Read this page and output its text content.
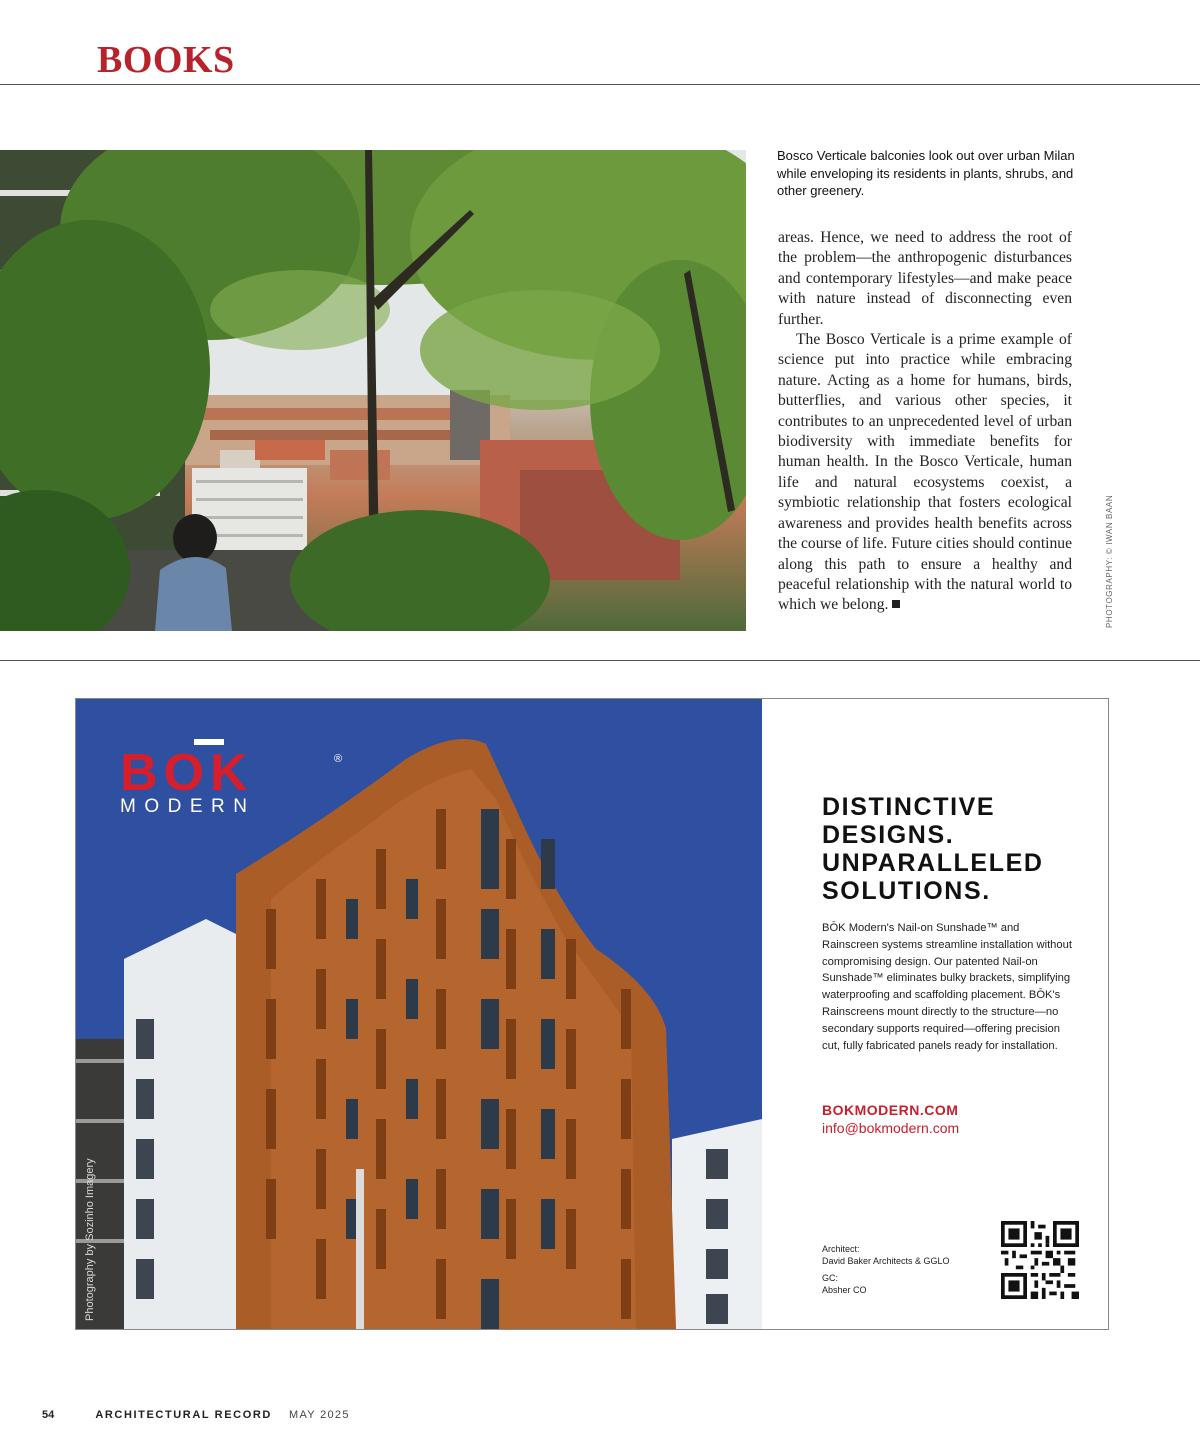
BOOKS
Bosco Verticale balconies look out over urban Milan while enveloping its residents in plants, shrubs, and other greenery.

areas. Hence, we need to address the root of the problem—the anthropogenic disturbances and contemporary lifestyles—and make peace with nature instead of disconnecting even further.

The Bosco Verticale is a prime example of science put into practice while embracing nature. Acting as a home for humans, birds, butterflies, and various other species, it contributes to an unprecedented level of urban biodiversity with immediate benefits for human health. In the Bosco Verticale, human life and natural ecosystems coexist, a symbiotic relationship that fosters ecological awareness and provides health benefits across the course of life. Future cities should continue along this path to ensure a healthy and peaceful relationship with the natural world to which we belong.	PHOTOGRAPHY: © IWAN BAAN
BOK	®
MODERN
Photography by Sozinho Imagery
DISTINCTIVE
DESIGNS.
UNPARALLELED
SOLUTIONS.
BŌK Modern's Nail-on Sunshade™ and Rainscreen systems streamline installation without compromising design. Our patented Nail-on Sunshade™ eliminates bulky brackets, simplifying waterproofing and scaffolding placement. BŌK's Rainscreens mount directly to the structure—no secondary supports required—offering precision cut, fully fabricated panels ready for installation.
BOKMODERN.COM
info@bokmodern.com
Architect:
David Baker Architects & GGLO
GC:
Absher CO
54	ARCHITECTURAL RECORD MAY 2025
